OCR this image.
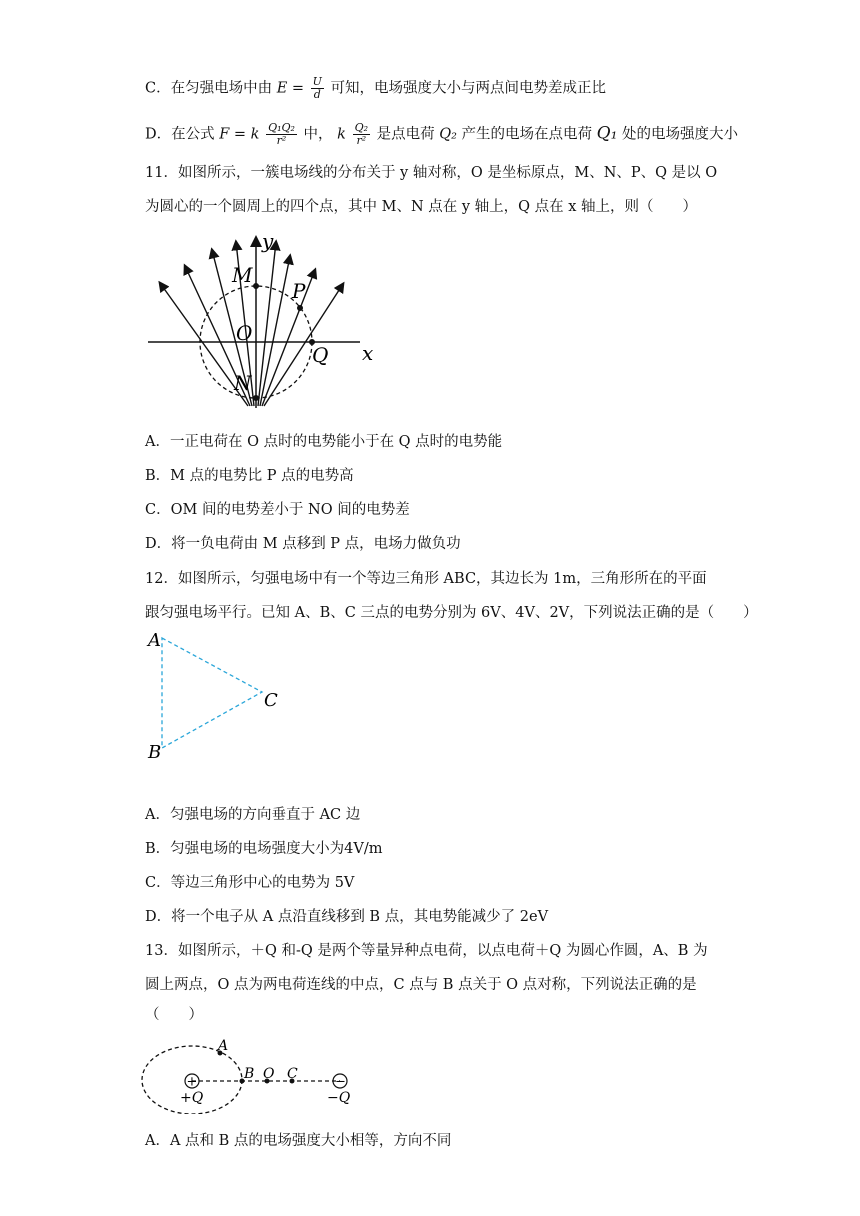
C．在匀强电场中由 $E = \frac{U}{d}$ 可知，电场强度大小与两点间电势差成正比
D．在公式 F = k $\frac{\text{Q₁Q₂}}{\text{r²}}$ 中， k $\frac{\text{Q₂}}{\text{r²}}$ 是点电荷 Q₂ 产生的电场在点电荷 Q₁ 处的电场强度大小
11．如图所示，一簇电场线的分布关于 y 轴对称，O 是坐标原点，M、N、P、Q 是以 O
为圆心的一个圆周上的四个点，其中 M、N 点在 y 轴上，Q 点在 x 轴上，则（　　）
y
x
M
P
O
Q
N
A．一正电荷在 O 点时的电势能小于在 Q 点时的电势能
B．M 点的电势比 P 点的电势高
C．OM 间的电势差小于 NO 间的电势差
D．将一负电荷由 M 点移到 P 点，电场力做负功
12．如图所示，匀强电场中有一个等边三角形 ABC，其边长为 1m，三角形所在的平面
跟匀强电场平行。已知 A、B、C 三点的电势分别为 6V、4V、2V，下列说法正确的是（　　）
A
C
B
A．匀强电场的方向垂直于 AC 边
B．匀强电场的电场强度大小为4V/m
C．等边三角形中心的电势为 5V
D．将一个电子从 A 点沿直线移到 B 点，其电势能减少了 2eV
13．如图所示，＋Q 和-Q 是两个等量异种点电荷，以点电荷＋Q 为圆心作圆，A、B 为
圆上两点，O 点为两电荷连线的中点，C 点与 B 点关于 O 点对称，下列说法正确的是
（　　）
+	−
A
B O C
+Q	−Q
A．A 点和 B 点的电场强度大小相等，方向不同
